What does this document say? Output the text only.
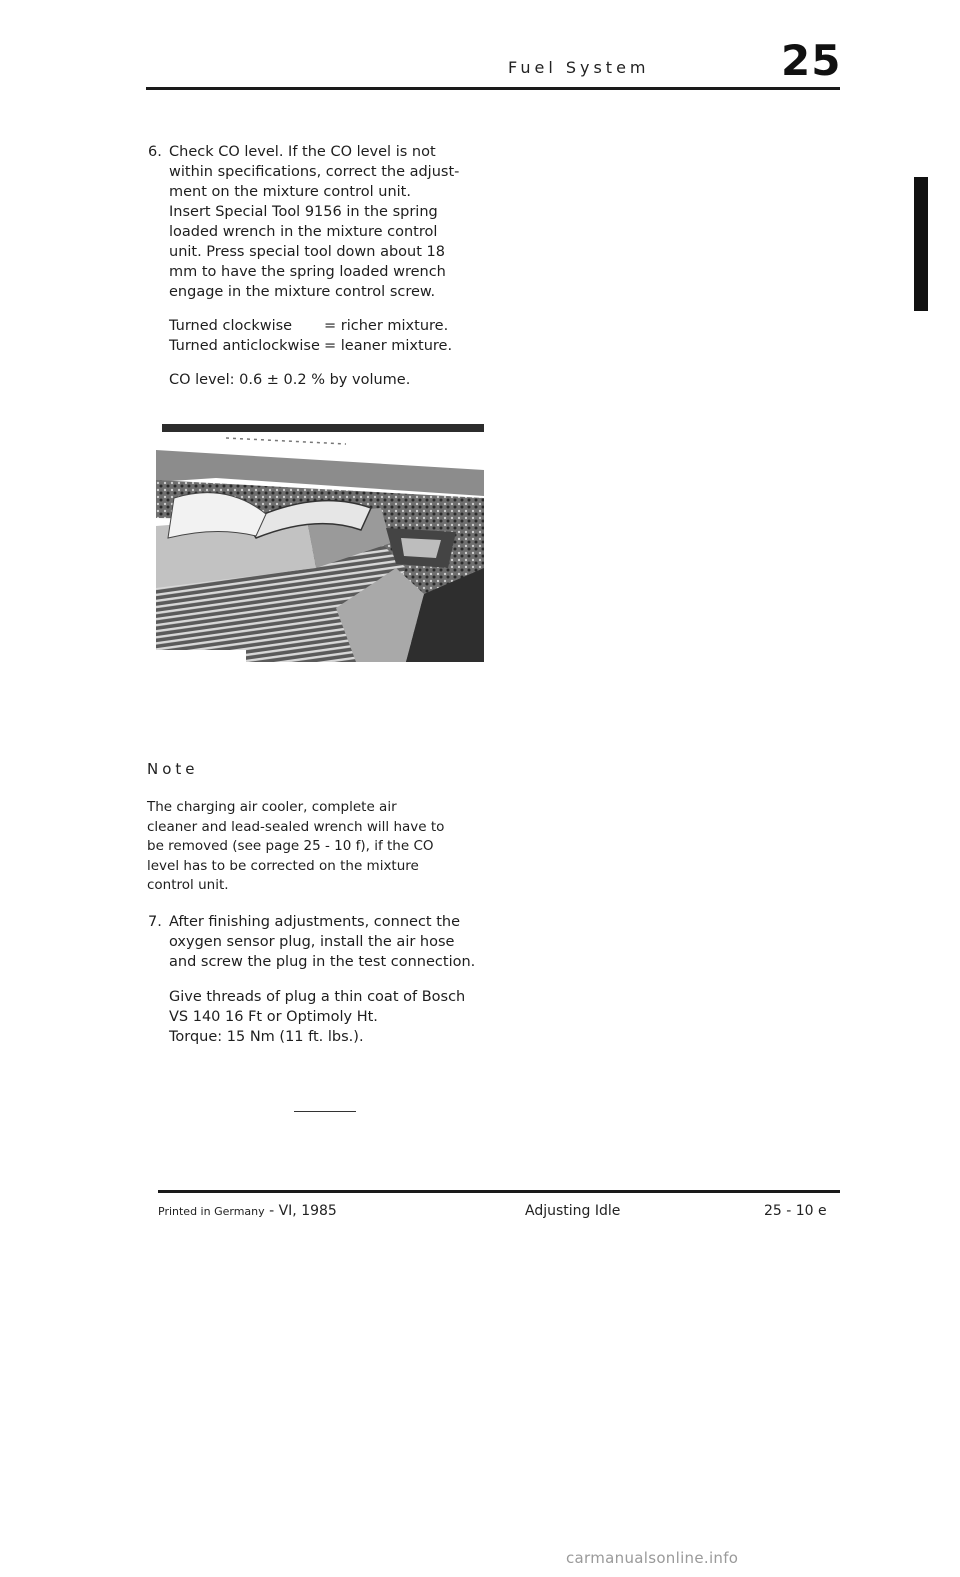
Fuel System	25
6. Check CO level. If the CO level is not

within specifications, correct the adjust-

ment on the mixture control unit.

Insert Special Tool 9156 in the spring

loaded wrench in the mixture control

unit. Press special tool down about 18

mm to have the spring loaded wrench

engage in the mixture control screw.

Turned clockwise	= richer mixture.
Turned anticlockwise = leaner mixture.

CO level: 0.6 ± 0.2 % by volume.

Note

The charging air cooler, complete air

cleaner and lead-sealed wrench will have to

be removed (see page 25 - 10 f), if the CO

level has to be corrected on the mixture

control unit.

7. After finishing adjustments, connect the

oxygen sensor plug, install the air hose

and screw the plug in the test connection.

Give threads of plug a thin coat of Bosch

VS 140 16 Ft or Optimoly Ht.

Torque: 15 Nm (11 ft. lbs.).

Printed in Germany - VI, 1985	Adjusting Idle	25 - 10 e
carmanualsonline.info
